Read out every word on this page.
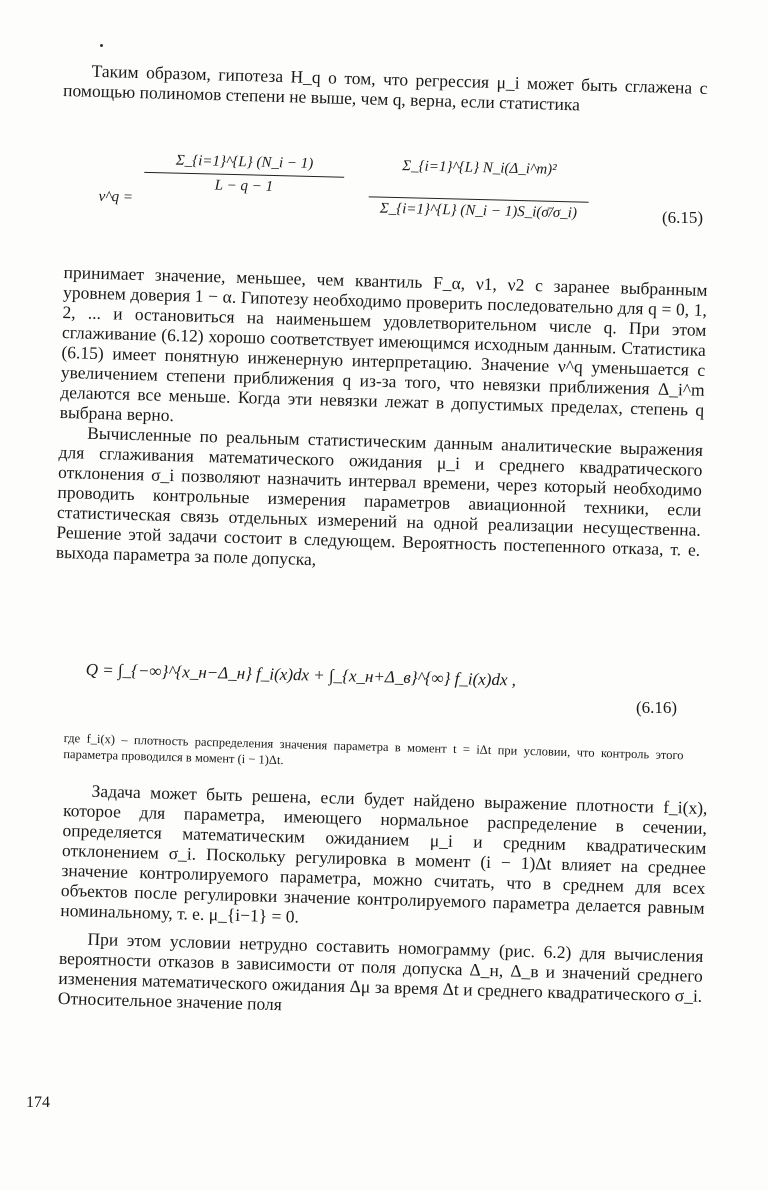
Таким образом, гипотеза H_q о том, что регрессия μ_i может быть сглажена с помощью полиномов степени не выше, чем q, верна, если статистика

ν^q =
Σ_{i=1}^{L} (N_i − 1)
L − q − 1
Σ_{i=1}^{L} N_i(Δ_i^m)²
Σ_{i=1}^{L} (N_i − 1)S_i(σ̄/σ_i)	(6.15)

принимает значение, меньшее, чем квантиль F_α, ν1, ν2 с заранее выбранным уровнем доверия 1 − α. Гипотезу необходимо проверить последовательно для q = 0, 1, 2, ... и остановиться на наименьшем удовлетворительном числе q. При этом сглаживание (6.12) хорошо соответствует имеющимся исходным данным. Статистика (6.15) имеет понятную инженерную интерпретацию. Значение ν^q уменьшается с увеличением степени приближения q из-за того, что невязки приближения Δ_i^m делаются все меньше. Когда эти невязки лежат в допустимых пределах, степень q выбрана верно.

Вычисленные по реальным статистическим данным аналитические выражения для сглаживания математического ожидания μ_i и среднего квадратического отклонения σ_i позволяют назначить интервал времени, через который необходимо проводить контрольные измерения параметров авиационной техники, если статистическая связь отдельных измерений на одной реализации несущественна. Решение этой задачи состоит в следующем. Вероятность постепенного отказа, т. е. выхода параметра за поле допуска,

Q = ∫_{−∞}^{x_н−Δ_н} f_i(x)dx + ∫_{x_н+Δ_в}^{∞} f_i(x)dx ,
(6.16)
где f_i(x) – плотность распределения значения параметра в момент t = iΔt при условии, что контроль этого параметра проводился в момент (i − 1)Δt.

Задача может быть решена, если будет найдено выражение плотности f_i(x), которое для параметра, имеющего нормальное распределение в сечении, определяется математическим ожиданием μ_i и средним квадратическим отклонением σ_i. Поскольку регулировка в момент (i − 1)Δt влияет на среднее значение контролируемого параметра, можно считать, что в среднем для всех объектов после регулировки значение контролируемого параметра делается равным номинальному, т. е. μ_{i−1} = 0.

При этом условии нетрудно составить номограмму (рис. 6.2) для вычисления вероятности отказов в зависимости от поля допуска Δ_н, Δ_в и значений среднего изменения математического ожидания Δμ за время Δt и среднего квадратического σ_i. Относительное значение поля

174
